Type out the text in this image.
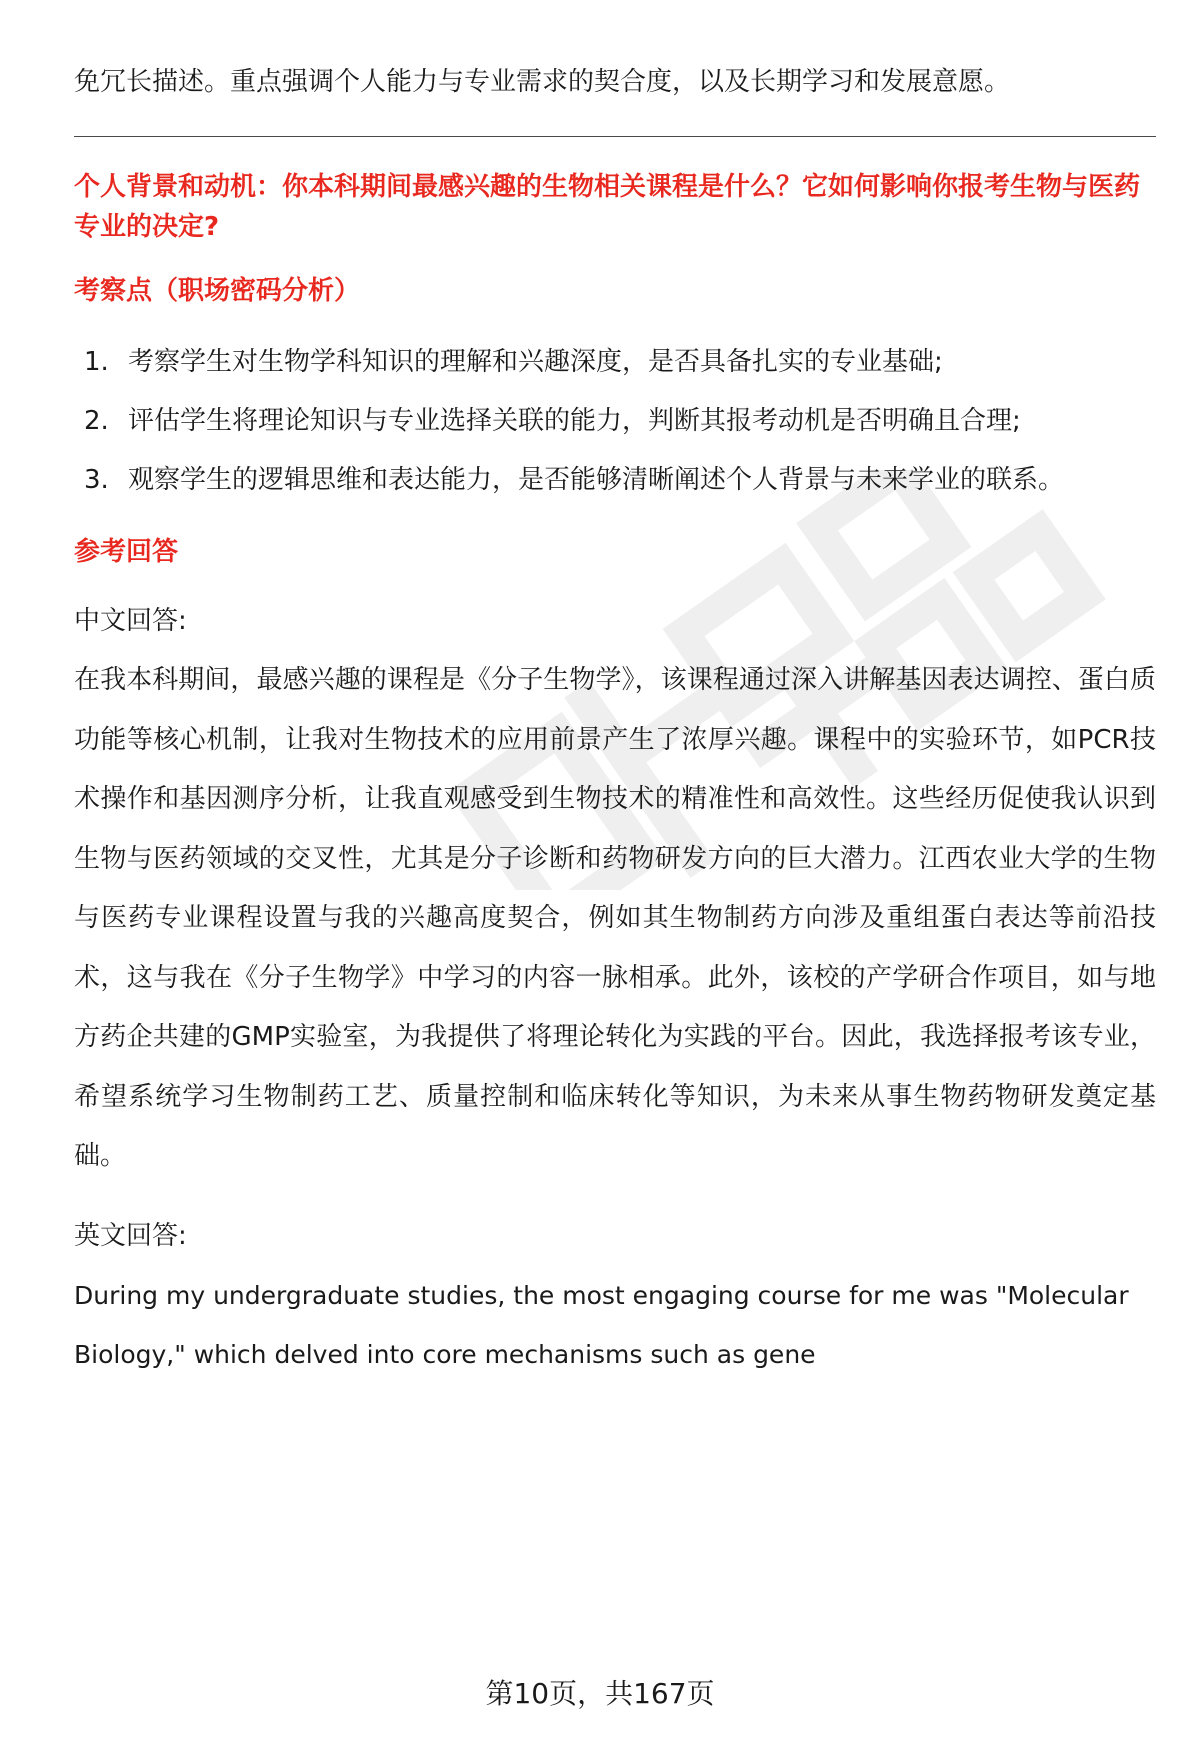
免冗长描述。重点强调个人能力与专业需求的契合度，以及长期学习和发展意愿。

个人背景和动机：你本科期间最感兴趣的生物相关课程是什么？它如何影响你报考生物与医药专业的决定?

考察点（职场密码分析）

1. 考察学生对生物学科知识的理解和兴趣深度，是否具备扎实的专业基础;
2. 评估学生将理论知识与专业选择关联的能力，判断其报考动机是否明确且合理;
3. 观察学生的逻辑思维和表达能力，是否能够清晰阐述个人背景与未来学业的联系。

参考回答

中文回答:

在我本科期间，最感兴趣的课程是《分子生物学》，该课程通过深入讲解基因表达调控、蛋白质功能等核心机制，让我对生物技术的应用前景产生了浓厚兴趣。课程中的实验环节，如PCR技术操作和基因测序分析，让我直观感受到生物技术的精准性和高效性。这些经历促使我认识到生物与医药领域的交叉性，尤其是分子诊断和药物研发方向的巨大潜力。江西农业大学的生物与医药专业课程设置与我的兴趣高度契合，例如其生物制药方向涉及重组蛋白表达等前沿技术，这与我在《分子生物学》中学习的内容一脉相承。此外，该校的产学研合作项目，如与地方药企共建的GMP实验室，为我提供了将理论转化为实践的平台。因此，我选择报考该专业，希望系统学习生物制药工艺、质量控制和临床转化等知识，为未来从事生物药物研发奠定基础。

英文回答:

During my undergraduate studies, the most engaging course for me was "Molecular Biology," which delved into core mechanisms such as gene

第10页，共167页
